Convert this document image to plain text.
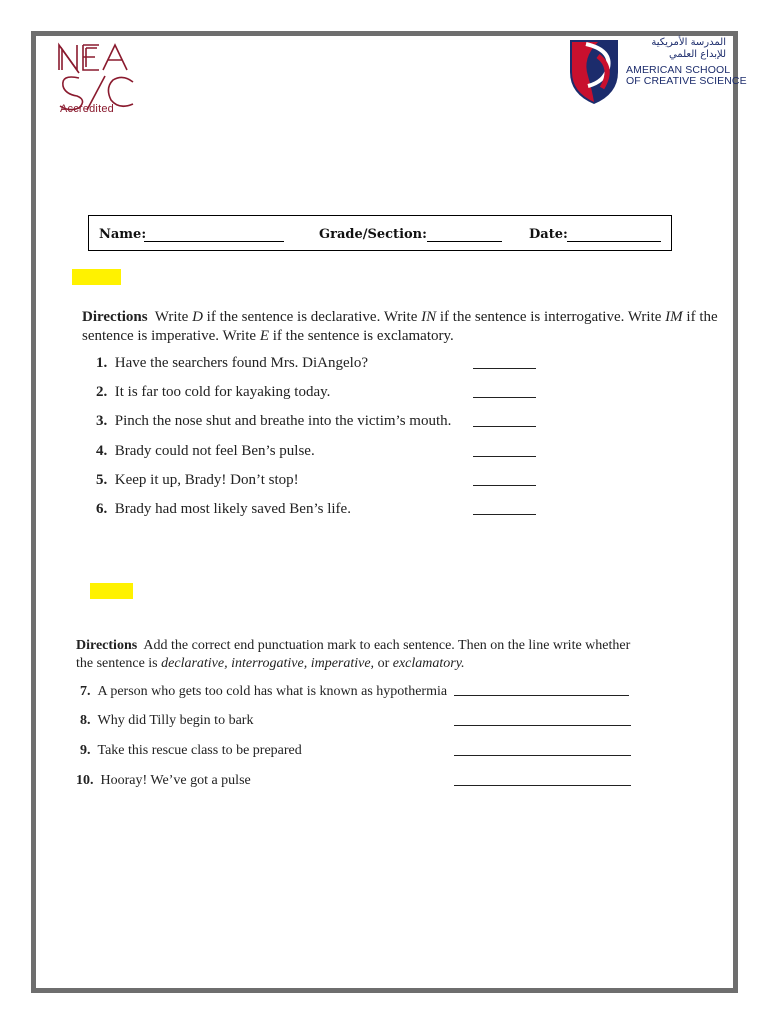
Accredited
المدرسة الأمريكية
للإبداع العلمي
AMERICAN SCHOOL
OF CREATIVE SCIENCE
Name:	Grade/Section:	Date:
Directions Write D if the sentence is declarative. Write IN if the sentence is interrogative. Write IM if the sentence is imperative. Write E if the sentence is exclamatory.
1. Have the searchers found Mrs. DiAngelo?
2. It is far too cold for kayaking today.
3. Pinch the nose shut and breathe into the victim’s mouth.
4. Brady could not feel Ben’s pulse.
5. Keep it up, Brady! Don’t stop!
6. Brady had most likely saved Ben’s life.
Directions Add the correct end punctuation mark to each sentence. Then on the line write whether the sentence is declarative, interrogative, imperative, or exclamatory.
7. A person who gets too cold has what is known as hypothermia
8. Why did Tilly begin to bark
9. Take this rescue class to be prepared
10. Hooray! We’ve got a pulse
